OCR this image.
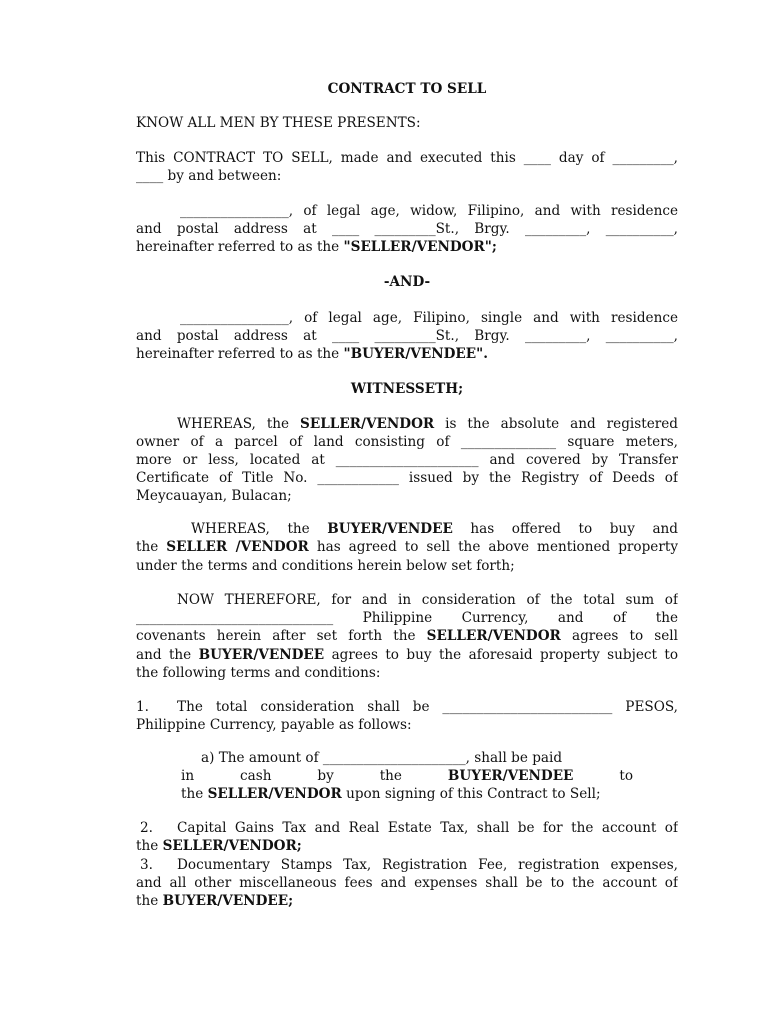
CONTRACT TO SELL
KNOW ALL MEN BY THESE PRESENTS:
This CONTRACT TO SELL, made and executed this ____ day of _________,
____ by and between:
________________, of legal age, widow, Filipino, and with residence
and postal address at ____ _________St., Brgy. _________, __________,
hereinafter referred to as the "SELLER/VENDOR";
-AND-
________________, of legal age, Filipino, single and with residence
and postal address at ____ _________St., Brgy. _________, __________,
hereinafter referred to as the "BUYER/VENDEE".
WITNESSETH;
WHEREAS, the SELLER/VENDOR is the absolute and registered
owner of a parcel of land consisting of ______________ square meters,
more or less, located at _____________________ and covered by Transfer
Certificate of Title No. ____________ issued by the Registry of Deeds of
Meycauayan, Bulacan;
WHEREAS, the BUYER/VENDEE has offered to buy and
the SELLER /VENDOR has agreed to sell the above mentioned property
under the terms and conditions herein below set forth;
NOW THEREFORE, for and in consideration of the total sum of
_____________________________ Philippine Currency, and of the
covenants herein after set forth the SELLER/VENDOR agrees to sell
and the BUYER/VENDEE agrees to buy the aforesaid property subject to
the following terms and conditions:
1. The total consideration shall be _________________________ PESOS,
Philippine Currency, payable as follows:
a) The amount of _____________________, shall be paid
in cash by the BUYER/VENDEE to
the SELLER/VENDOR upon signing of this Contract to Sell;
2. Capital Gains Tax and Real Estate Tax, shall be for the account of
the SELLER/VENDOR;
3. Documentary Stamps Tax, Registration Fee, registration expenses,
and all other miscellaneous fees and expenses shall be to the account of
the BUYER/VENDEE;
